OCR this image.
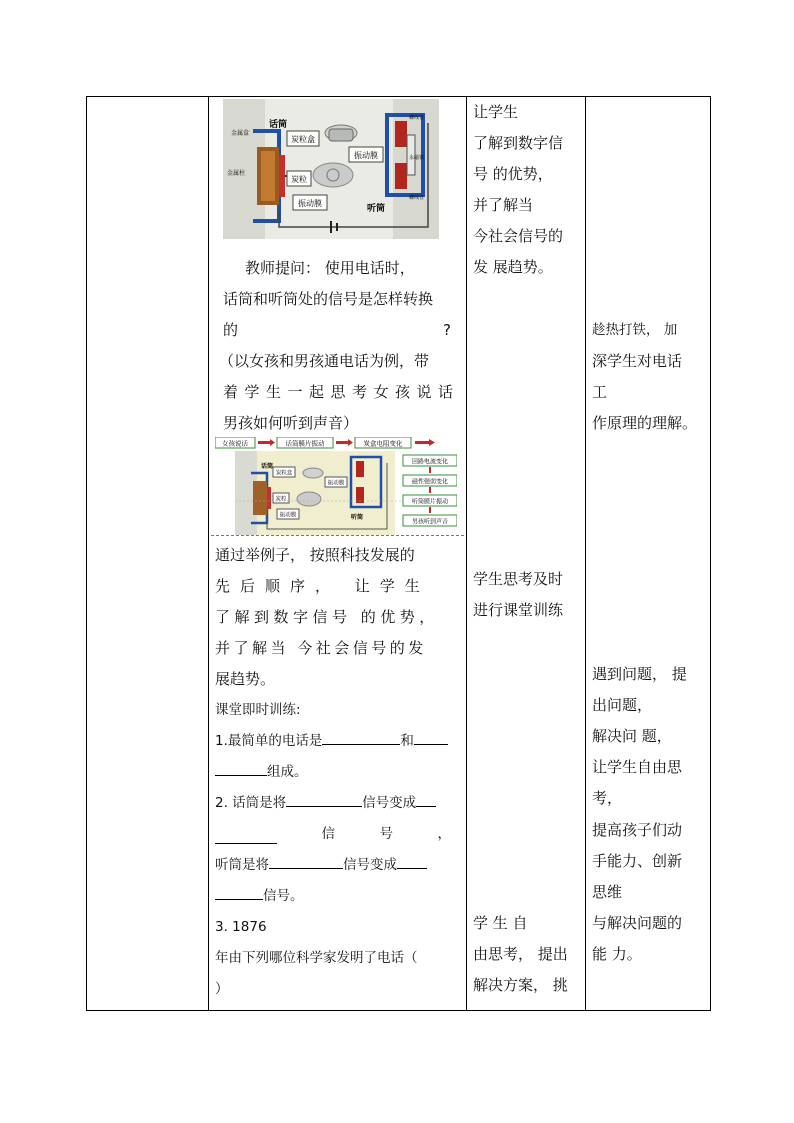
炭粒盒
炭粒
振动膜
振动膜
话筒
听筒
金属盒
金属柱
螺线管
螺线管
永磁铁
教师提问： 使用电话时，
话筒和听筒处的信号是怎样转换
的	?
（以女孩和男孩通电话为例，带
着学生一起思考女孩说话
男孩如何听到声音）
女孩说话	话筒膜片振动	炭盒电阻变化
回路电流变化
磁性强弱变化
听筒膜片振动
男孩听到声音
炭粒盒
炭粒
振动膜
振动膜
话筒
听筒
通过举例子， 按照科技发展的
先后顺序， 让学生
了解到数字信号 的优势，
并了解当 今社会信号的发
展趋势。
课堂即时训练:
1.最简单的电话是	和
组成。
2. 话筒是将	信号变成
信	号	，
听筒是将	信号变成
信号。
3. 1876
年由下列哪位科学家发明了电话（
）

让学生
了解到数字信
号 的优势，
并了解当
今社会信号的
发 展趋势。
学生思考及时
进行课堂训练
学 生 自
由思考， 提出
解决方案， 挑

趁热打铁， 加
深学生对电话
工
作原理的理解。
遇到问题， 提
出问题，
解决问 题，
让学生自由思
考，
提高孩子们动
手能力、创新
思维
与解决问题的
能 力。
